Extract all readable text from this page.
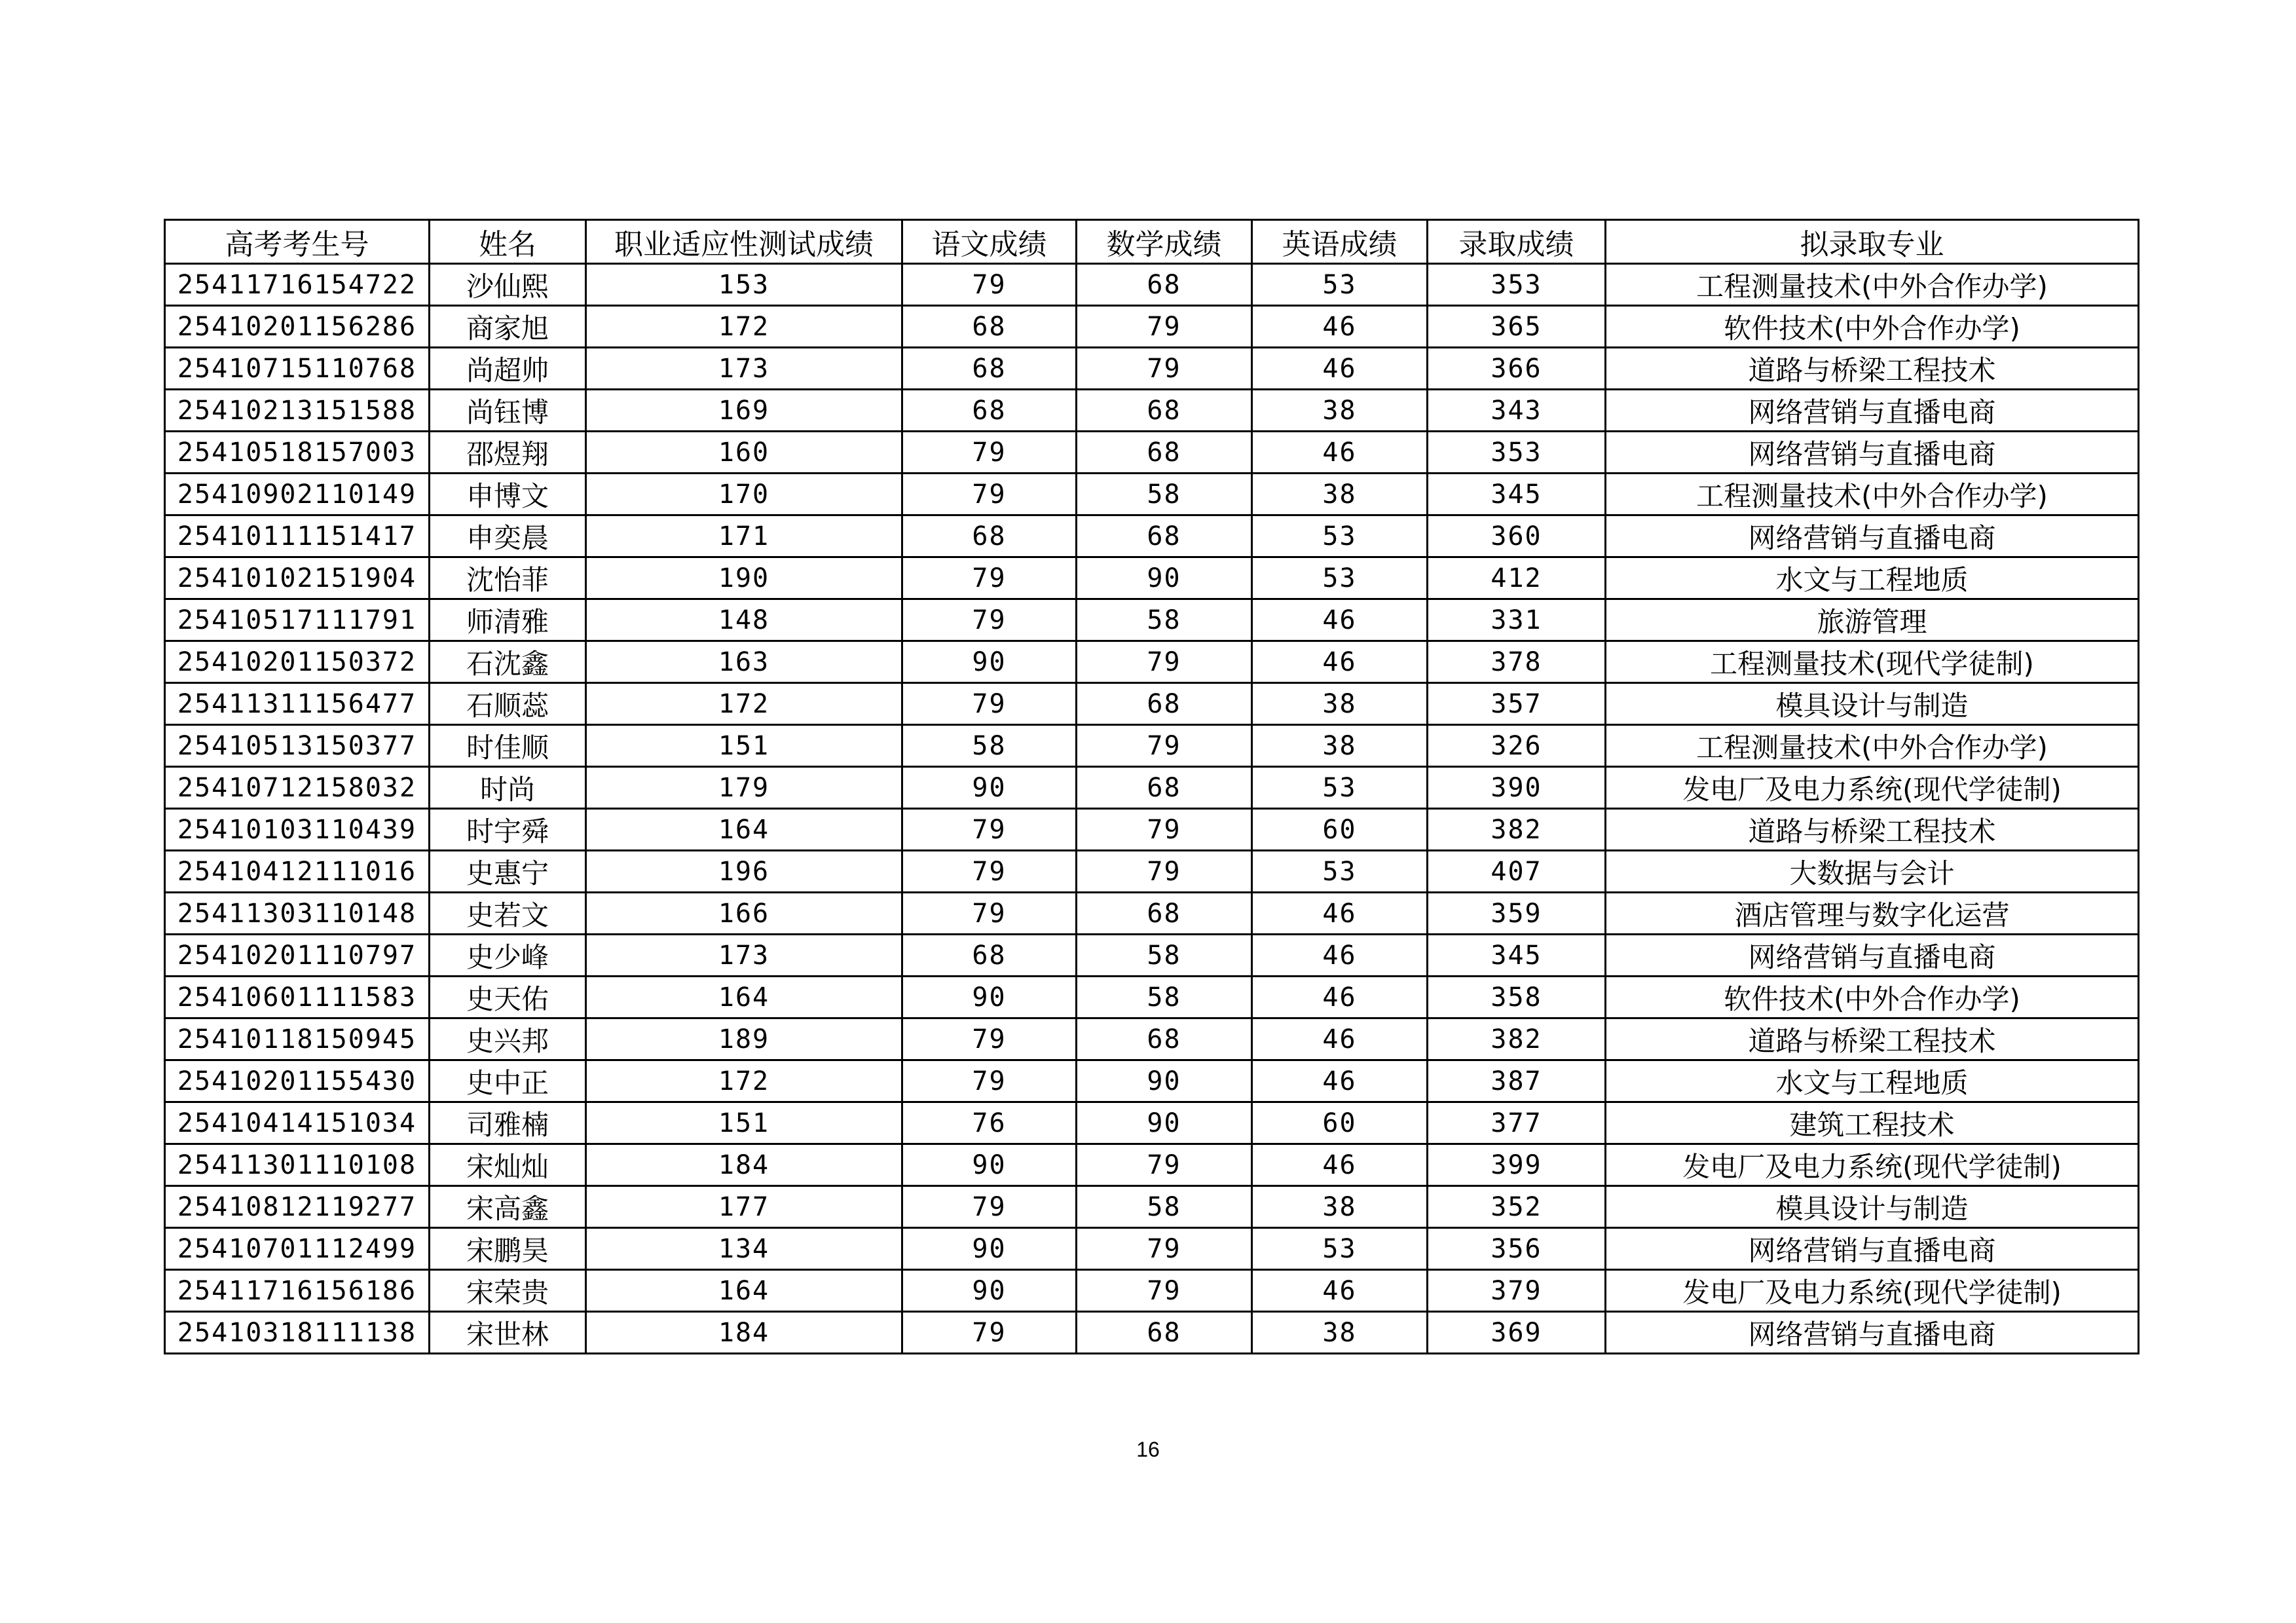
高考考生号	姓名	职业适应性测试成绩	语文成绩	数学成绩	英语成绩	录取成绩	拟录取专业
25411716154722	沙仙熙	153	79	68	53	353	工程测量技术(中外合作办学)
25410201156286	商家旭	172	68	79	46	365	软件技术(中外合作办学)
25410715110768	尚超帅	173	68	79	46	366	道路与桥梁工程技术
25410213151588	尚钰博	169	68	68	38	343	网络营销与直播电商
25410518157003	邵煜翔	160	79	68	46	353	网络营销与直播电商
25410902110149	申博文	170	79	58	38	345	工程测量技术(中外合作办学)
25410111151417	申奕晨	171	68	68	53	360	网络营销与直播电商
25410102151904	沈怡菲	190	79	90	53	412	水文与工程地质
25410517111791	师清雅	148	79	58	46	331	旅游管理
25410201150372	石沈鑫	163	90	79	46	378	工程测量技术(现代学徒制)
25411311156477	石顺蕊	172	79	68	38	357	模具设计与制造
25410513150377	时佳顺	151	58	79	38	326	工程测量技术(中外合作办学)
25410712158032	时尚	179	90	68	53	390	发电厂及电力系统(现代学徒制)
25410103110439	时宇舜	164	79	79	60	382	道路与桥梁工程技术
25410412111016	史惠宁	196	79	79	53	407	大数据与会计
25411303110148	史若文	166	79	68	46	359	酒店管理与数字化运营
25410201110797	史少峰	173	68	58	46	345	网络营销与直播电商
25410601111583	史天佑	164	90	58	46	358	软件技术(中外合作办学)
25410118150945	史兴邦	189	79	68	46	382	道路与桥梁工程技术
25410201155430	史中正	172	79	90	46	387	水文与工程地质
25410414151034	司雅楠	151	76	90	60	377	建筑工程技术
25411301110108	宋灿灿	184	90	79	46	399	发电厂及电力系统(现代学徒制)
25410812119277	宋高鑫	177	79	58	38	352	模具设计与制造
25410701112499	宋鹏昊	134	90	79	53	356	网络营销与直播电商
25411716156186	宋荣贵	164	90	79	46	379	发电厂及电力系统(现代学徒制)
25410318111138	宋世林	184	79	68	38	369	网络营销与直播电商
16
